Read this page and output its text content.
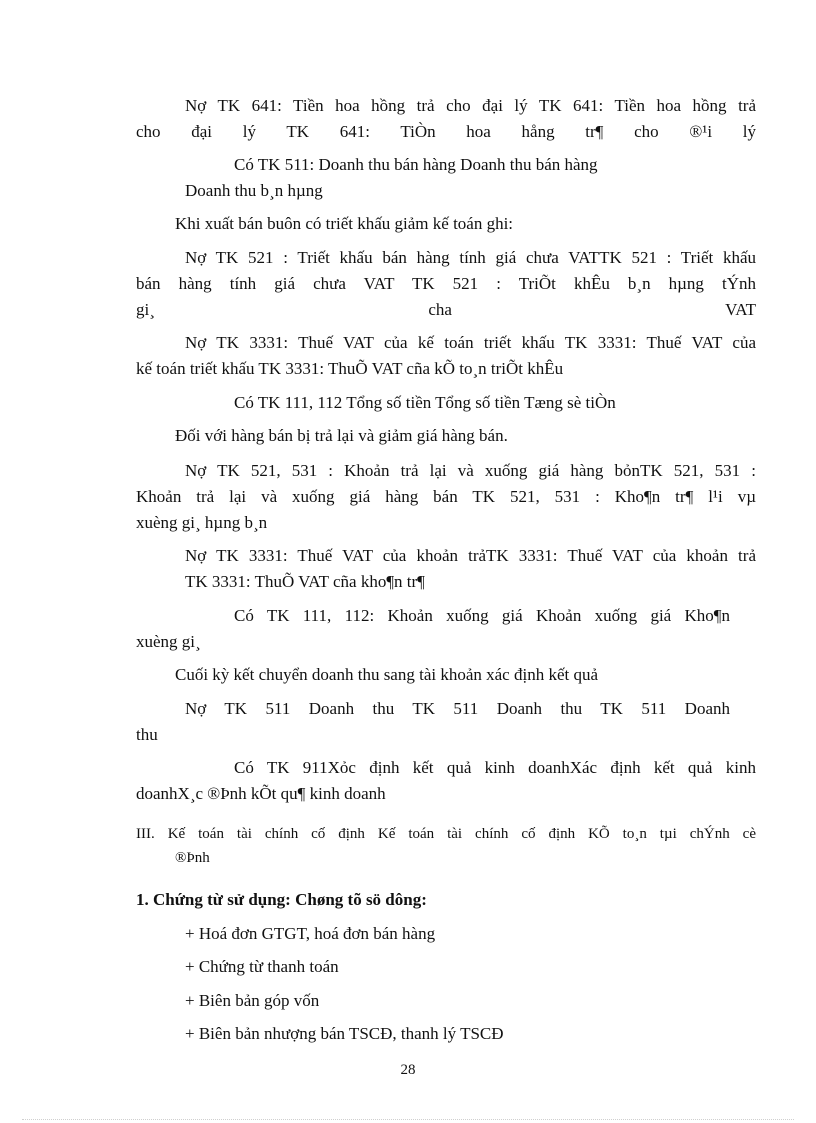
Nợ TK 641: Tiền hoa hồng trả cho đại lý TK 641: Tiền hoa hồng trả
cho đại lý TK 641: TiÒn hoa hång tr¶ cho ®¹i lý
Có TK 511: Doanh thu bán hàng Doanh thu bán hàng
Doanh thu b¸n hµng
Khi xuất bán buôn có triết khấu giảm kế toán ghi:
Nợ TK 521 : Triết khấu bán hàng tính giá chưa VATTK 521 : Triết khấu
bán hàng tính giá chưa VAT TK 521 : TriÕt khÊu b¸n hµng tÝnh
gi¸ cha VAT
Nợ TK 3331: Thuế VAT của kế toán triết khấu TK 3331: Thuế VAT của
kế toán triết khấu TK 3331: ThuÕ VAT cña kÕ to¸n triÕt khÊu
Có TK 111, 112 Tổng số tiền Tổng số tiền Tæng sè tiÒn
Đối với hàng bán bị trả lại và giảm giá hàng bán.
Nợ TK 521, 531 : Khoản trả lại và xuống giá hàng bỏnTK 521, 531 :
Khoản trả lại và xuống giá hàng bán TK 521, 531 : Kho¶n tr¶ l¹i vµ
xuèng gi¸ hµng b¸n
Nợ TK 3331: Thuế VAT của khoản trảTK 3331: Thuế VAT của khoản trả
TK 3331: ThuÕ VAT cña kho¶n tr¶
Có TK 111, 112: Khoản xuống giá Khoản xuống giá Kho¶n
xuèng gi¸
Cuối kỳ kết chuyển doanh thu sang tài khoản xác định kết quả
Nợ TK 511 Doanh thu TK 511 Doanh thu TK 511 Doanh
thu
Có TK 911Xỏc định kết quả kinh doanhXác định kết quả kinh
doanhX¸c ®Þnh kÕt qu¶ kinh doanh
III. Kế toán tài chính cố định Kế toán tài chính cố định KÕ to¸n tµi chÝnh cè
®Þnh
1. Chứng từ sử dụng: Chøng tõ sö dông:
+ Hoá đơn GTGT, hoá đơn bán hàng
+ Chứng từ thanh toán
+ Biên bản góp vốn
+ Biên bản nhượng bán TSCĐ, thanh lý TSCĐ
28
